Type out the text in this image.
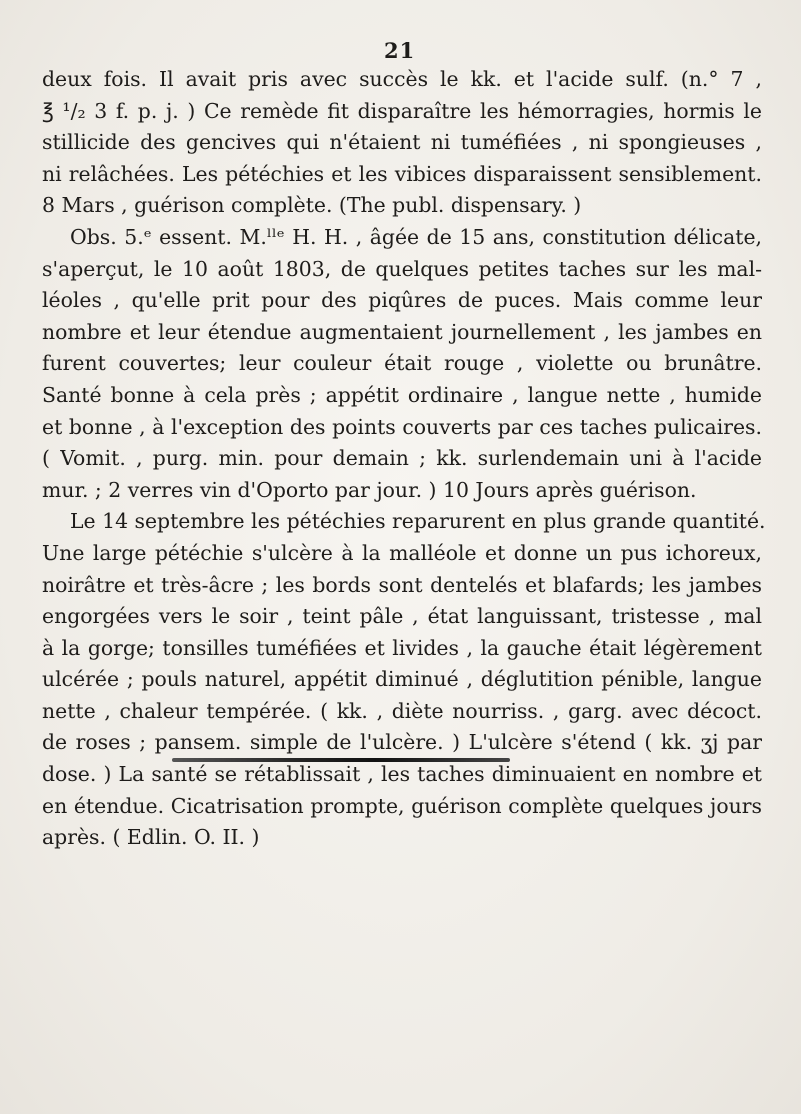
21
deux fois. Il avait pris avec succès le kk. et l'acide sulf. (n.° 7 ,
℥ ¹/₂ 3 f. p. j. ) Ce remède fit disparaître les hémorragies, hormis le
stillicide des gencives qui n'étaient ni tuméfiées , ni spongieuses ,
ni relâchées. Les pétéchies et les vibices disparaissent sensiblement.
8 Mars , guérison complète. (The publ. dispensary. )
Obs. 5.ᵉ essent. M.ˡˡᵉ H. H. , âgée de 15 ans, constitution délicate,
s'aperçut, le 10 août 1803, de quelques petites taches sur les mal-
léoles , qu'elle prit pour des piqûres de puces. Mais comme leur
nombre et leur étendue augmentaient journellement , les jambes en
furent couvertes; leur couleur était rouge , violette ou brunâtre.
Santé bonne à cela près ; appétit ordinaire , langue nette , humide
et bonne , à l'exception des points couverts par ces taches pulicaires.
( Vomit. , purg. min. pour demain ; kk. surlendemain uni à l'acide
mur. ; 2 verres vin d'Oporto par jour. ) 10 Jours après guérison.
Le 14 septembre les pétéchies reparurent en plus grande quantité.
Une large pétéchie s'ulcère à la malléole et donne un pus ichoreux,
noirâtre et très-âcre ; les bords sont dentelés et blafards; les jambes
engorgées vers le soir , teint pâle , état languissant, tristesse , mal
à la gorge; tonsilles tuméfiées et livides , la gauche était légèrement
ulcérée ; pouls naturel, appétit diminué , déglutition pénible, langue
nette , chaleur tempérée. ( kk. , diète nourriss. , garg. avec décoct.
de roses ; pansem. simple de l'ulcère. ) L'ulcère s'étend ( kk. ʒj par
dose. ) La santé se rétablissait , les taches diminuaient en nombre et
en étendue. Cicatrisation prompte, guérison complète quelques jours
après. ( Edlin. O. II. )
